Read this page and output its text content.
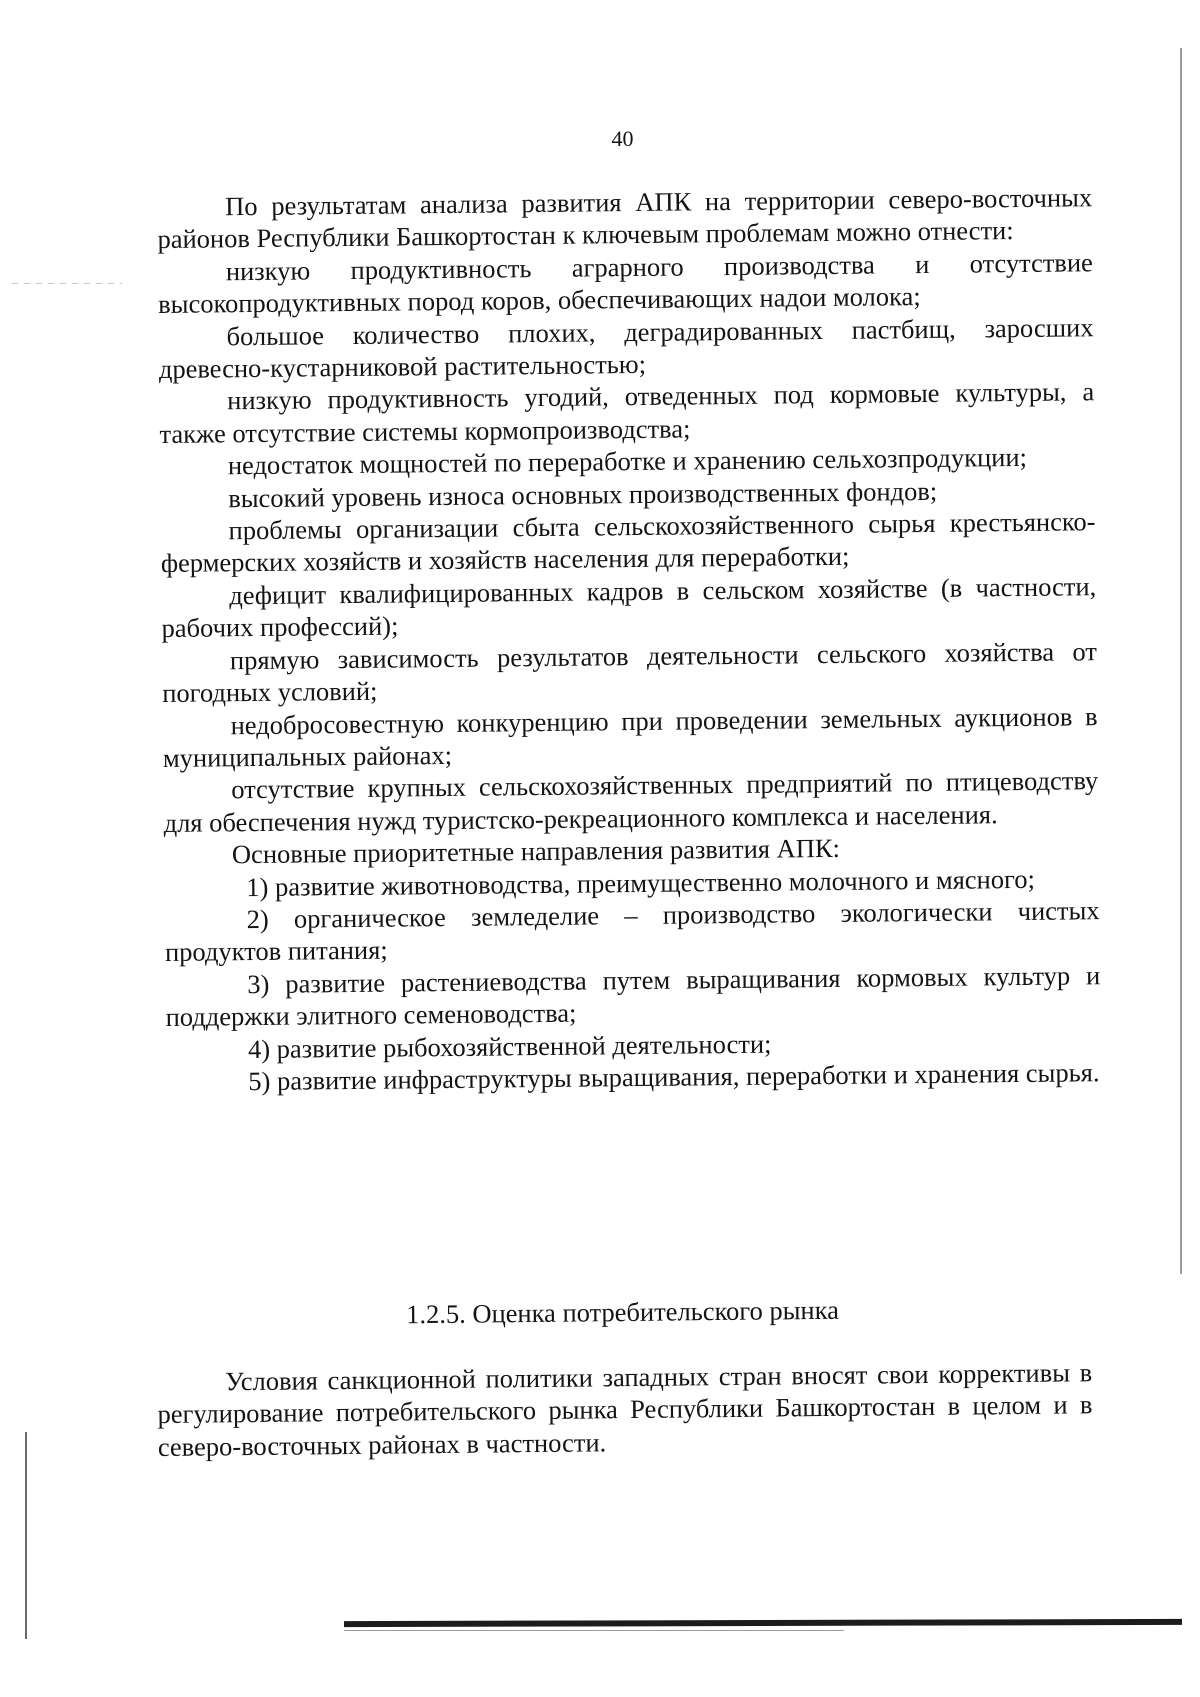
40

По результатам анализа развития АПК на территории северо-восточных районов Республики Башкортостан к ключевым проблемам можно отнести:

низкую продуктивность аграрного производства и отсутствие высокопродуктивных пород коров, обеспечивающих надои молока;

большое количество плохих, деградированных пастбищ, заросших древесно-кустарниковой растительностью;

низкую продуктивность угодий, отведенных под кормовые культуры, а также отсутствие системы кормопроизводства;

недостаток мощностей по переработке и хранению сельхозпродукции;

высокий уровень износа основных производственных фондов;

проблемы организации сбыта сельскохозяйственного сырья крестьянско-фермерских хозяйств и хозяйств населения для переработки;

дефицит квалифицированных кадров в сельском хозяйстве (в частности, рабочих профессий);

прямую зависимость результатов деятельности сельского хозяйства от погодных условий;

недобросовестную конкуренцию при проведении земельных аукционов в муниципальных районах;

отсутствие крупных сельскохозяйственных предприятий по птицеводству для обеспечения нужд туристско-рекреационного комплекса и населения.

Основные приоритетные направления развития АПК:

1) развитие животноводства, преимущественно молочного и мясного;

2) органическое земледелие – производство экологически чистых продуктов питания;

3) развитие растениеводства путем выращивания кормовых культур и поддержки элитного семеноводства;

4) развитие рыбохозяйственной деятельности;

5) развитие инфраструктуры выращивания, переработки и хранения сырья.

1.2.5. Оценка потребительского рынка

Условия санкционной политики западных стран вносят свои коррективы в регулирование потребительского рынка Республики Башкортостан в целом и в северо-восточных районах в частности.
